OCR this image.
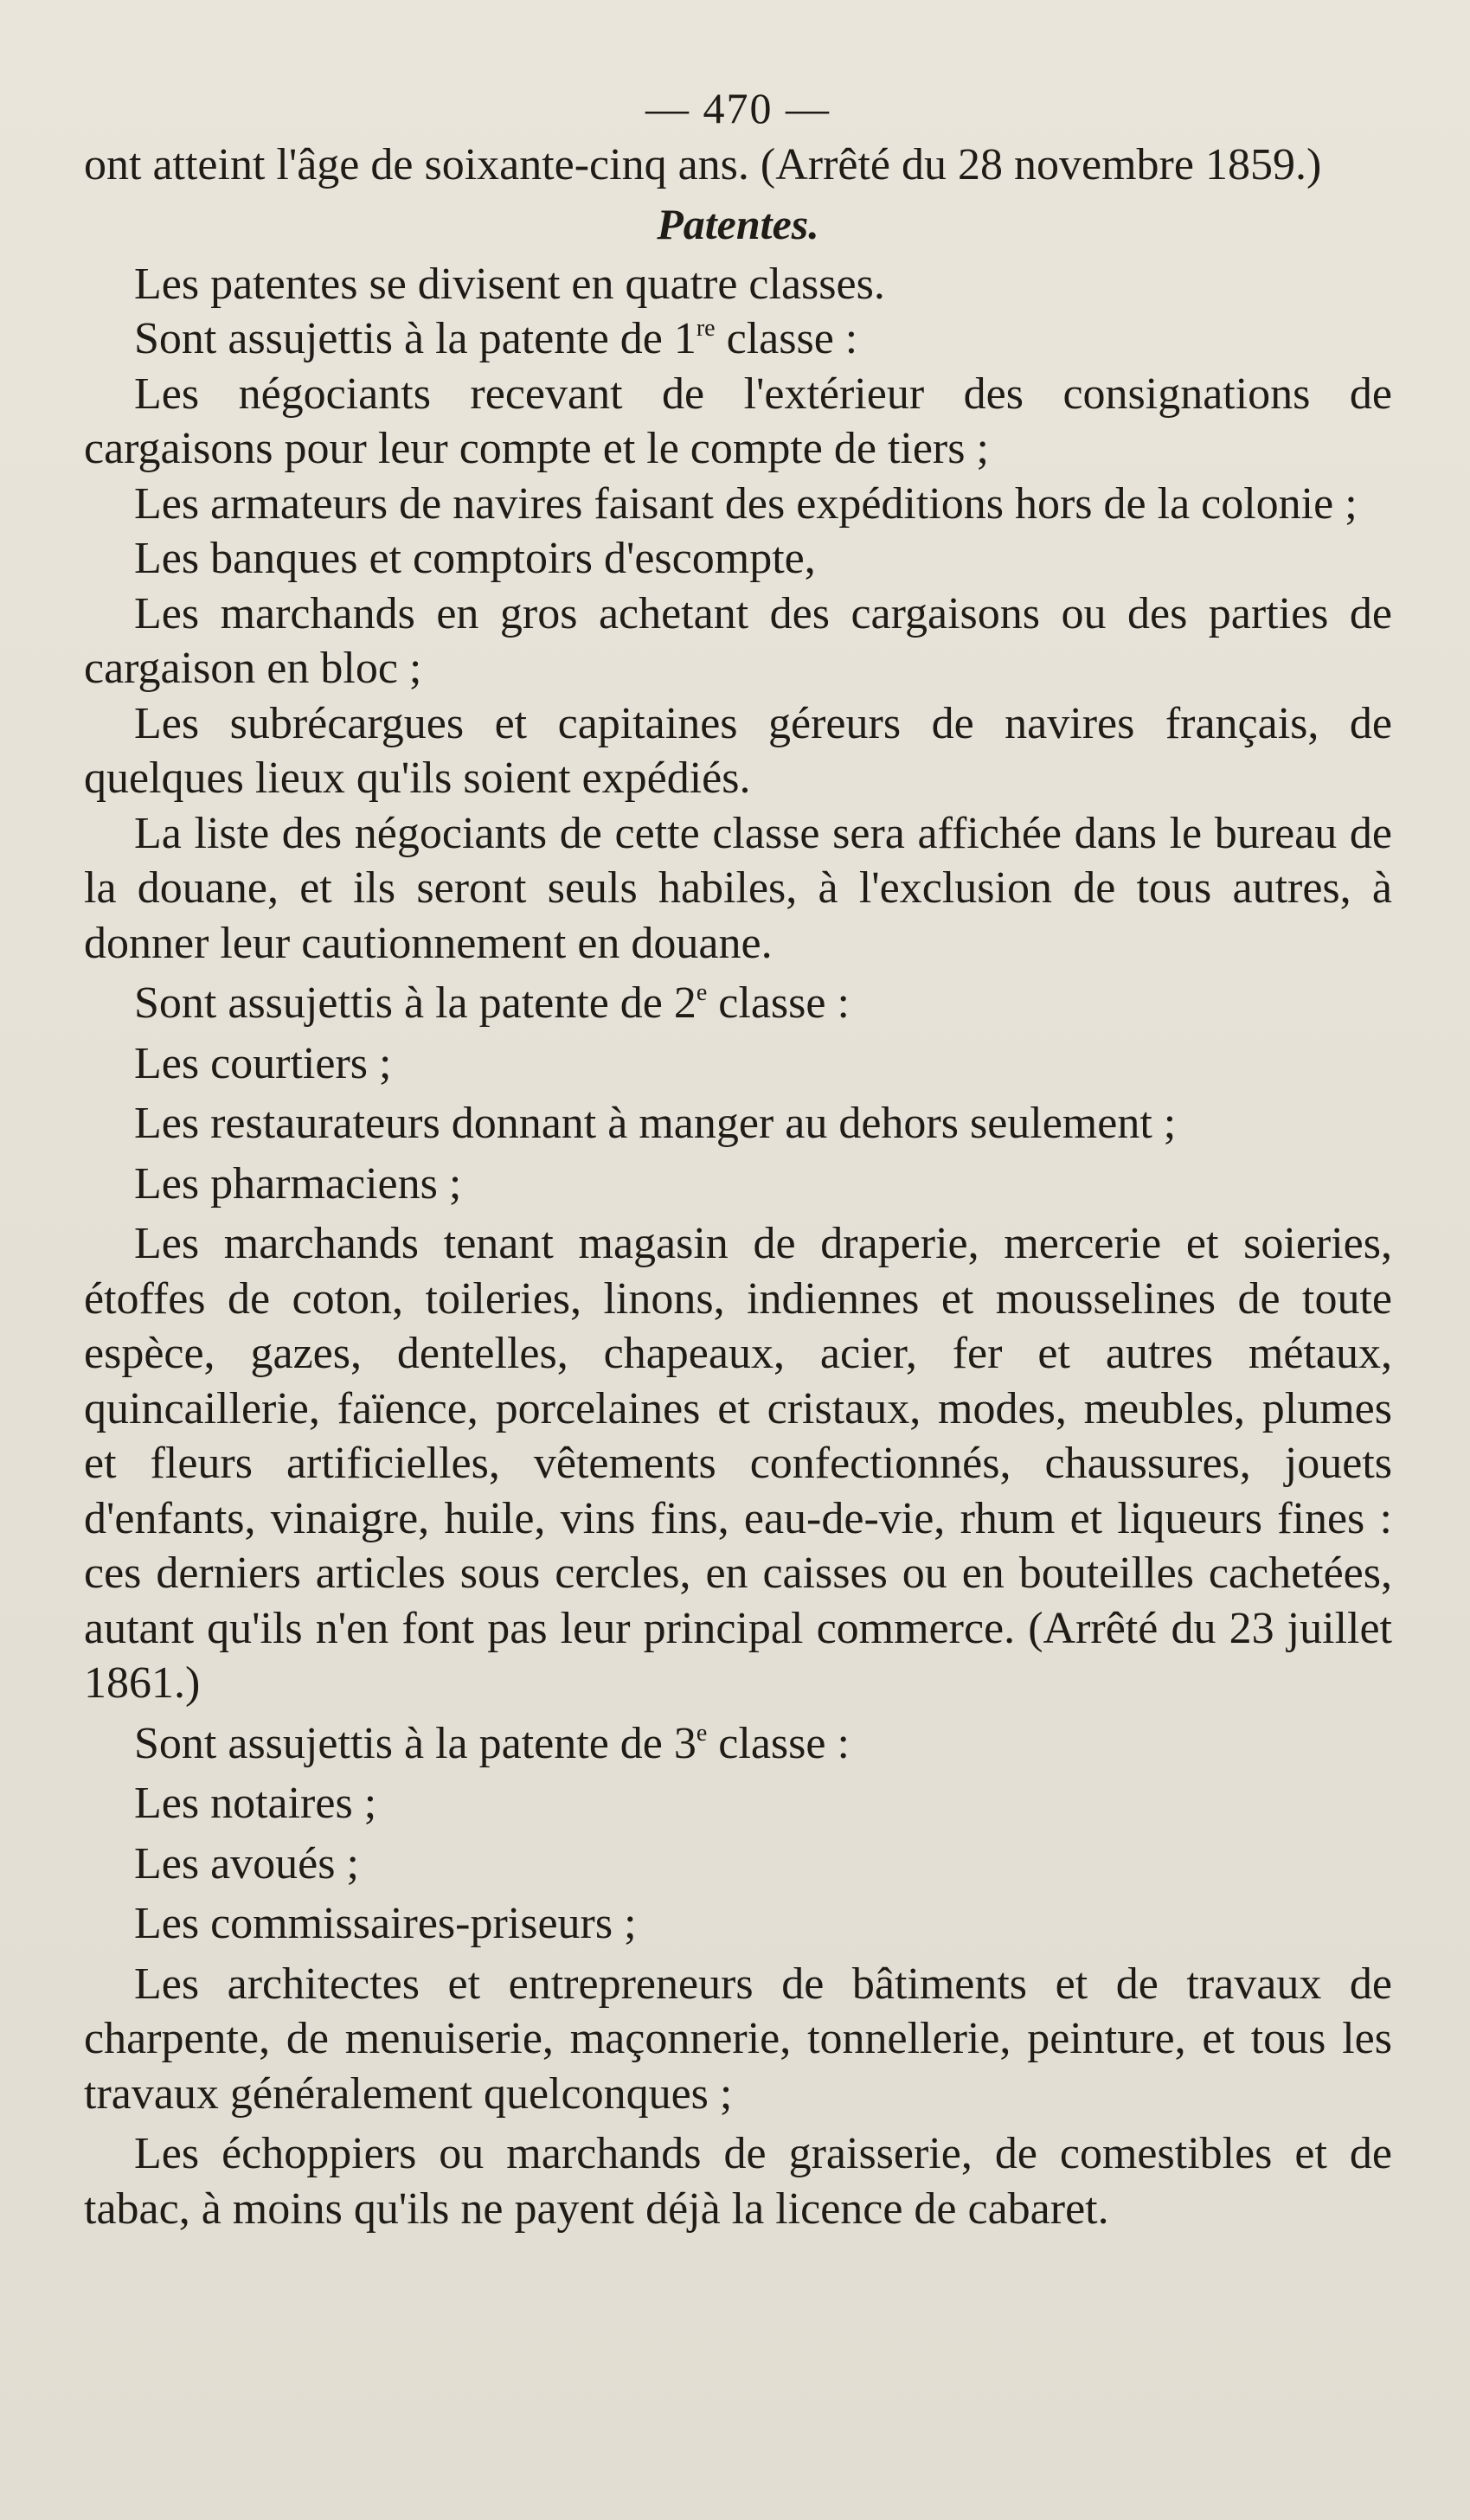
— 470 —

ont atteint l'âge de soixante-cinq ans. (Arrêté du 28 novembre 1859.)

Patentes.

Les patentes se divisent en quatre classes.

Sont assujettis à la patente de 1re classe :

Les négociants recevant de l'extérieur des consignations de cargaisons pour leur compte et le compte de tiers ;

Les armateurs de navires faisant des expéditions hors de la colonie ;

Les banques et comptoirs d'escompte,

Les marchands en gros achetant des cargaisons ou des parties de cargaison en bloc ;

Les subrécargues et capitaines géreurs de navires français, de quelques lieux qu'ils soient expédiés.

La liste des négociants de cette classe sera affichée dans le bureau de la douane, et ils seront seuls habiles, à l'exclusion de tous autres, à donner leur cautionnement en douane.

Sont assujettis à la patente de 2e classe :

Les courtiers ;

Les restaurateurs donnant à manger au dehors seulement ;

Les pharmaciens ;

Les marchands tenant magasin de draperie, mercerie et soieries, étoffes de coton, toileries, linons, indiennes et mousselines de toute espèce, gazes, dentelles, chapeaux, acier, fer et autres métaux, quincaillerie, faïence, porcelaines et cristaux, modes, meubles, plumes et fleurs artificielles, vêtements confectionnés, chaussures, jouets d'enfants, vinaigre, huile, vins fins, eau-de-vie, rhum et liqueurs fines : ces derniers articles sous cercles, en caisses ou en bouteilles cachetées, autant qu'ils n'en font pas leur principal commerce. (Arrêté du 23 juillet 1861.)

Sont assujettis à la patente de 3e classe :

Les notaires ;

Les avoués ;

Les commissaires-priseurs ;

Les architectes et entrepreneurs de bâtiments et de travaux de charpente, de menuiserie, maçonnerie, tonnellerie, peinture, et tous les travaux généralement quelconques ;

Les échoppiers ou marchands de graisserie, de comestibles et de tabac, à moins qu'ils ne payent déjà la licence de cabaret.
